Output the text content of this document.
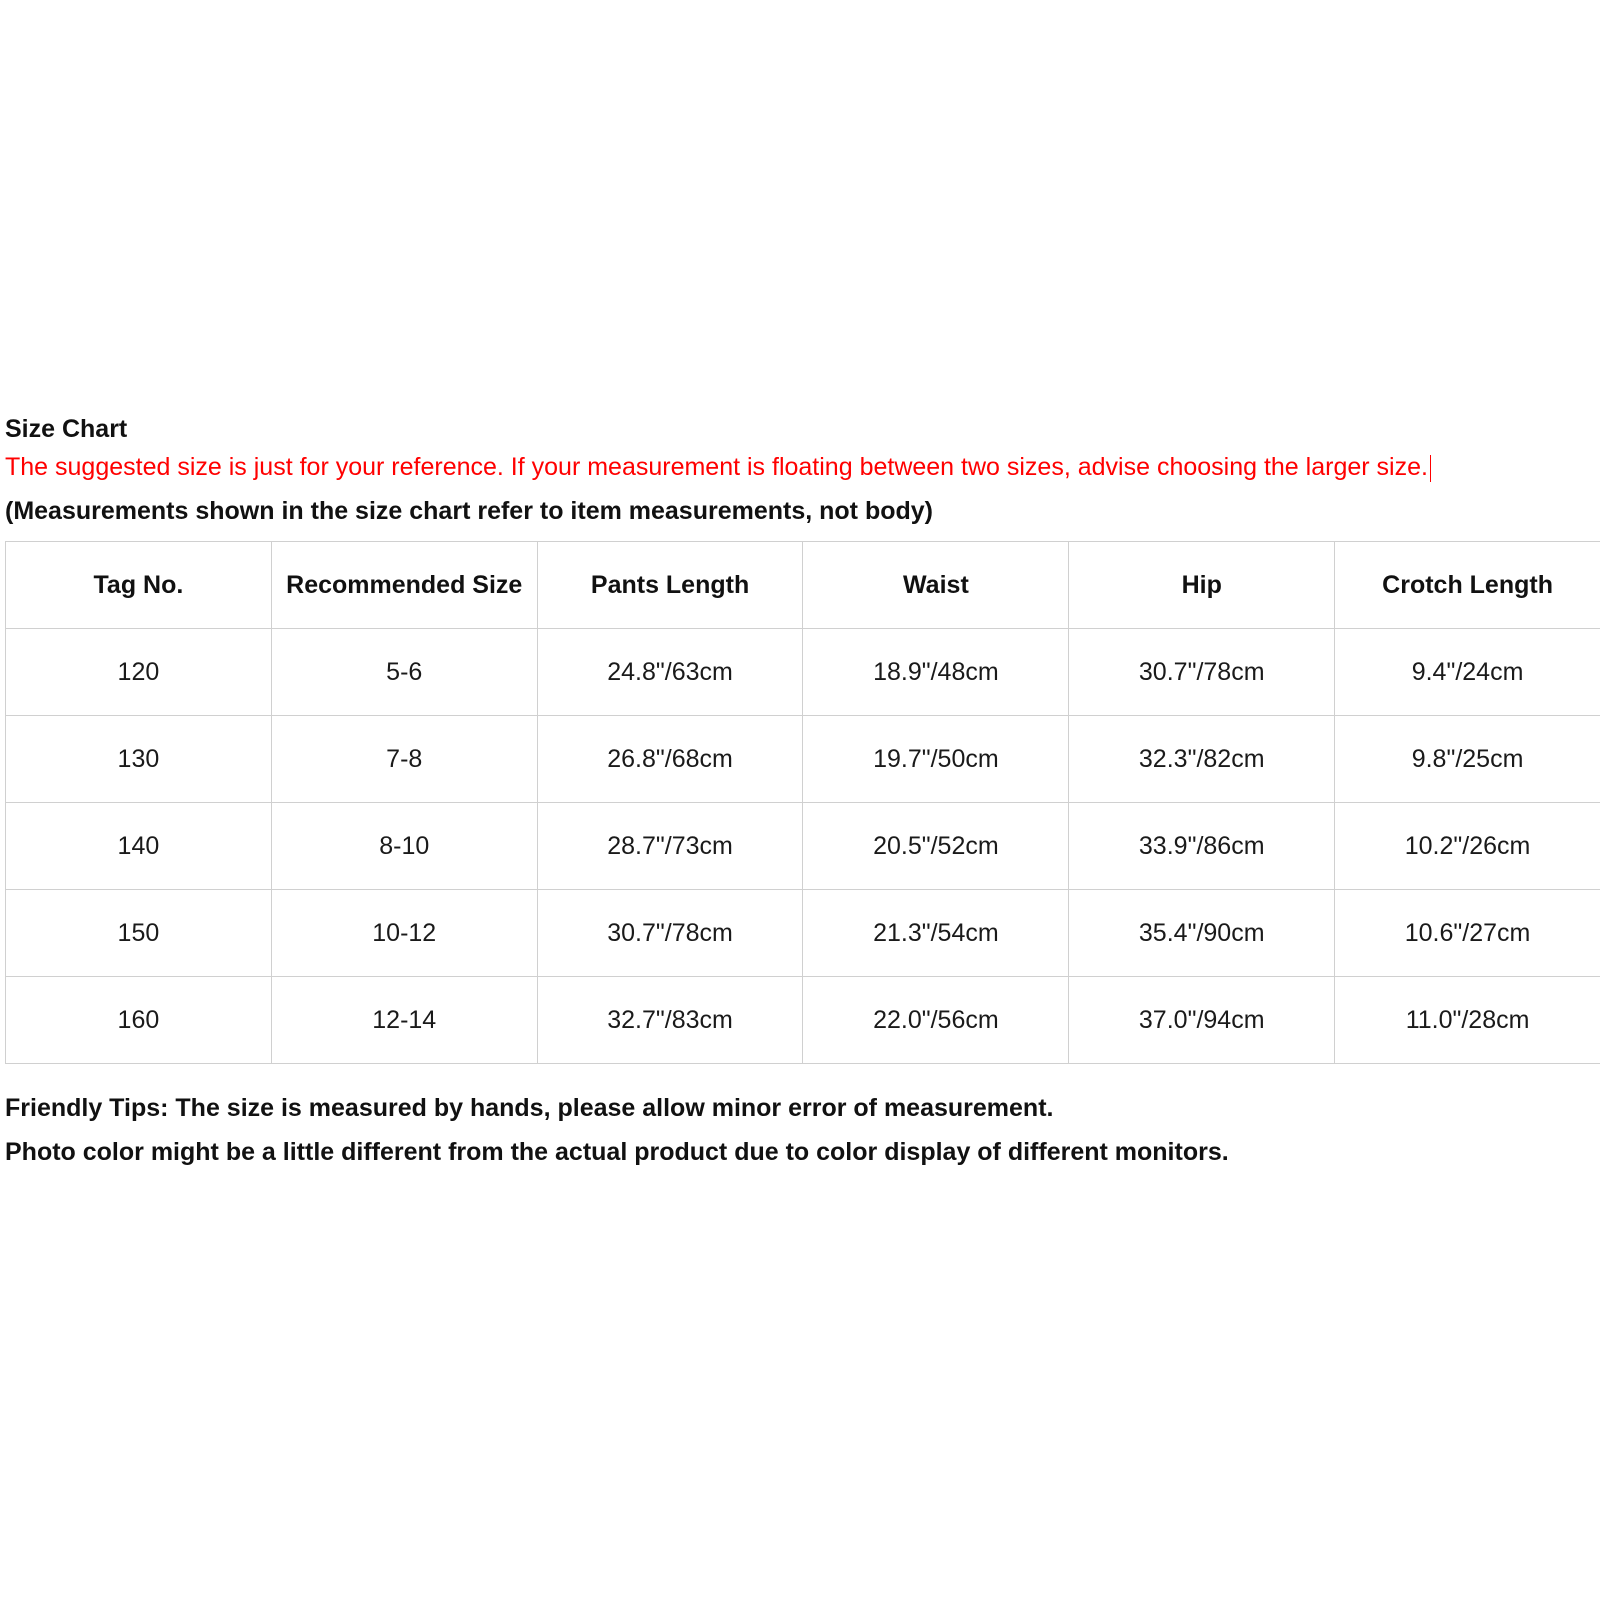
Size Chart
The suggested size is just for your reference. If your measurement is floating between two sizes, advise choosing the larger size.
(Measurements shown in the size chart refer to item measurements, not body)
Tag No.	Recommended Size	Pants Length	Waist	Hip	Crotch Length
120	5-6	24.8"/63cm	18.9"/48cm	30.7"/78cm	9.4"/24cm
130	7-8	26.8"/68cm	19.7"/50cm	32.3"/82cm	9.8"/25cm
140	8-10	28.7"/73cm	20.5"/52cm	33.9"/86cm	10.2"/26cm
150	10-12	30.7"/78cm	21.3"/54cm	35.4"/90cm	10.6"/27cm
160	12-14	32.7"/83cm	22.0"/56cm	37.0"/94cm	11.0"/28cm
Friendly Tips: The size is measured by hands, please allow minor error of measurement.
Photo color might be a little different from the actual product due to color display of different monitors.
